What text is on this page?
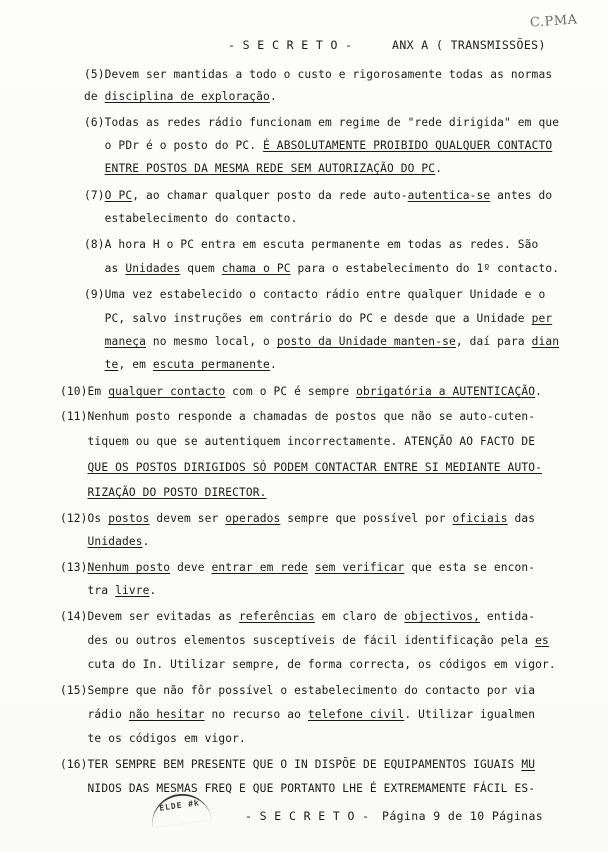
C.PMA
- S E C R E T O -	ANX A ( TRANSMISSÕES)
(5)Devem ser mantidas a todo o custo e rigorosamente todas as normas
de disciplina de exploração.
(6)Todas as redes rádio funcionam em regime de "rede dirigida" em que
o PDr é o posto do PC. É ABSOLUTAMENTE PROIBIDO QUALQUER CONTACTO
ENTRE POSTOS DA MESMA REDE SEM AUTORIZAÇÃO DO PC.
(7)O PC, ao chamar qualquer posto da rede auto-autentica-se antes do
estabelecimento do contacto.
(8)A hora H o PC entra em escuta permanente em todas as redes. São
as Unidades quem chama o PC para o estabelecimento do 1º contacto.
(9)Uma vez estabelecido o contacto rádio entre qualquer Unidade e o
PC, salvo instruções em contrário do PC e desde que a Unidade per
maneça no mesmo local, o posto da Unidade manten-se, daí para dian
te, em escuta permanente.
(10)Em qualquer contacto com o PC é sempre obrigatória a AUTENTICAÇÃO.
(11)Nenhum posto responde a chamadas de postos que não se auto-cuten-
tiquem ou que se autentiquem incorrectamente. ATENÇÃO AO FACTO DE
QUE OS POSTOS DIRIGIDOS SÓ PODEM CONTACTAR ENTRE SI MEDIANTE AUTO-
RIZAÇÃO DO POSTO DIRECTOR.
(12)Os postos devem ser operados sempre que possível por oficiais das
Unidades.
(13)Nenhum posto deve entrar em rede sem verificar que esta se encon-
tra livre.
(14)Devem ser evitadas as referências em claro de objectivos, entida-
des ou outros elementos susceptíveis de fácil identificação pela es
cuta do In. Utilizar sempre, de forma correcta, os códigos em vigor.
(15)Sempre que não fôr possível o estabelecimento do contacto por via
rádio não hesitar no recurso ao telefone civil. Utilizar igualmen
te os códigos em vigor.
(16)TER SEMPRE BEM PRESENTE QUE O IN DISPÕE DE EQUIPAMENTOS IGUAIS MU
NIDOS DAS MESMAS FREQ E QUE PORTANTO LHE É EXTREMAMENTE FÁCIL ES-
ELDE #k
- S E C R E T O - Página 9 de 10 Páginas
